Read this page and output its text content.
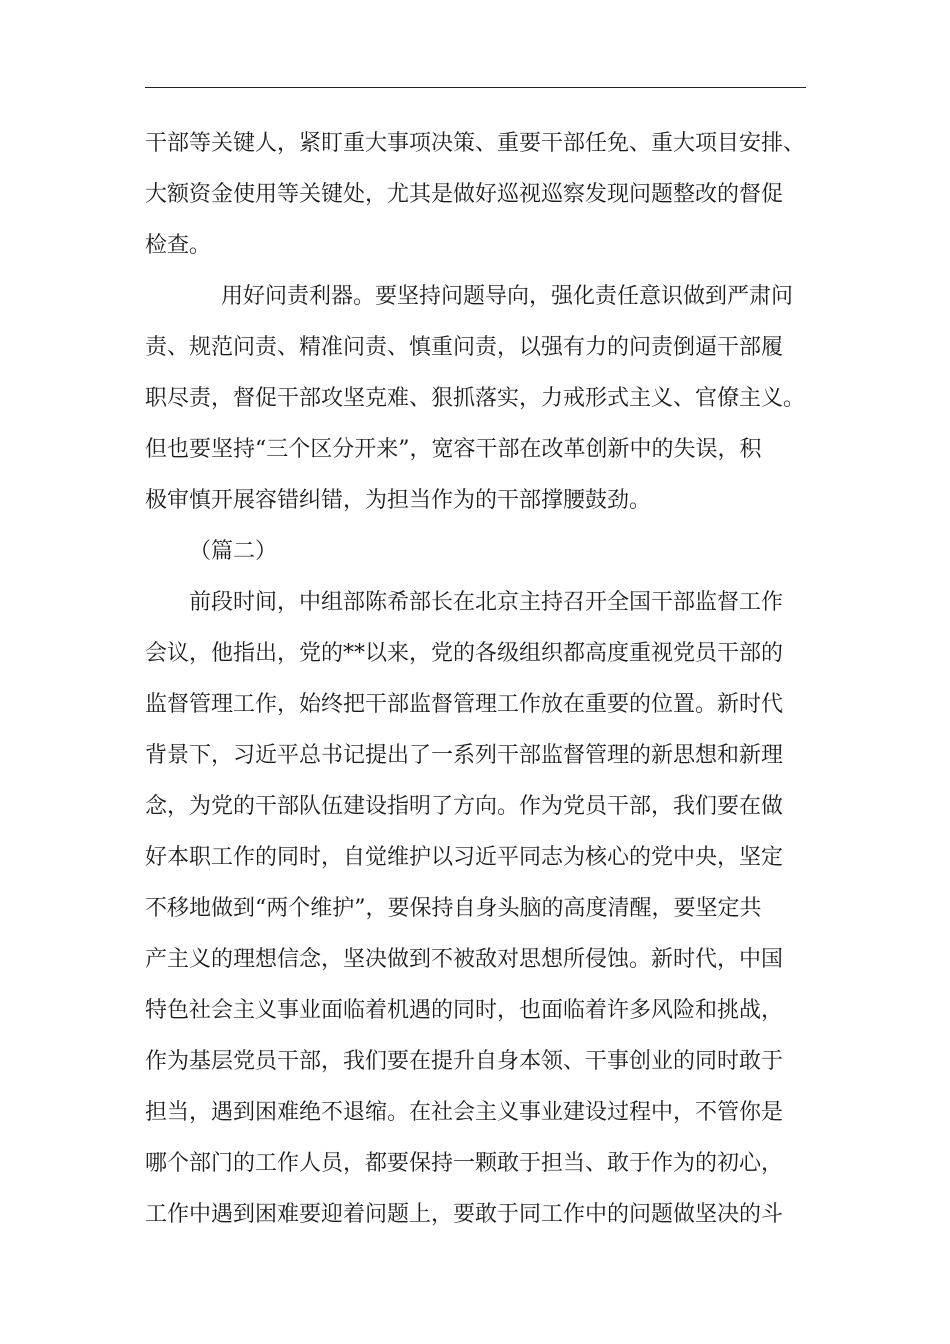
干部等关键人，紧盯重大事项决策、重要干部任免、重大项目安排、
大额资金使用等关键处，尤其是做好巡视巡察发现问题整改的督促
检查。
用好问责利器。要坚持问题导向，强化责任意识做到严肃问
责、规范问责、精准问责、慎重问责，以强有力的问责倒逼干部履
职尽责，督促干部攻坚克难、狠抓落实，力戒形式主义、官僚主义。
但也要坚持“三个区分开来”，宽容干部在改革创新中的失误，积
极审慎开展容错纠错，为担当作为的干部撑腰鼓劲。
（篇二）
前段时间，中组部陈希部长在北京主持召开全国干部监督工作
会议，他指出，党的**以来，党的各级组织都高度重视党员干部的
监督管理工作，始终把干部监督管理工作放在重要的位置。新时代
背景下，习近平总书记提出了一系列干部监督管理的新思想和新理
念，为党的干部队伍建设指明了方向。作为党员干部，我们要在做
好本职工作的同时，自觉维护以习近平同志为核心的党中央，坚定
不移地做到“两个维护”，要保持自身头脑的高度清醒，要坚定共
产主义的理想信念，坚决做到不被敌对思想所侵蚀。新时代，中国
特色社会主义事业面临着机遇的同时，也面临着许多风险和挑战，
作为基层党员干部，我们要在提升自身本领、干事创业的同时敢于
担当，遇到困难绝不退缩。在社会主义事业建设过程中，不管你是
哪个部门的工作人员，都要保持一颗敢于担当、敢于作为的初心，
工作中遇到困难要迎着问题上，要敢于同工作中的问题做坚决的斗
